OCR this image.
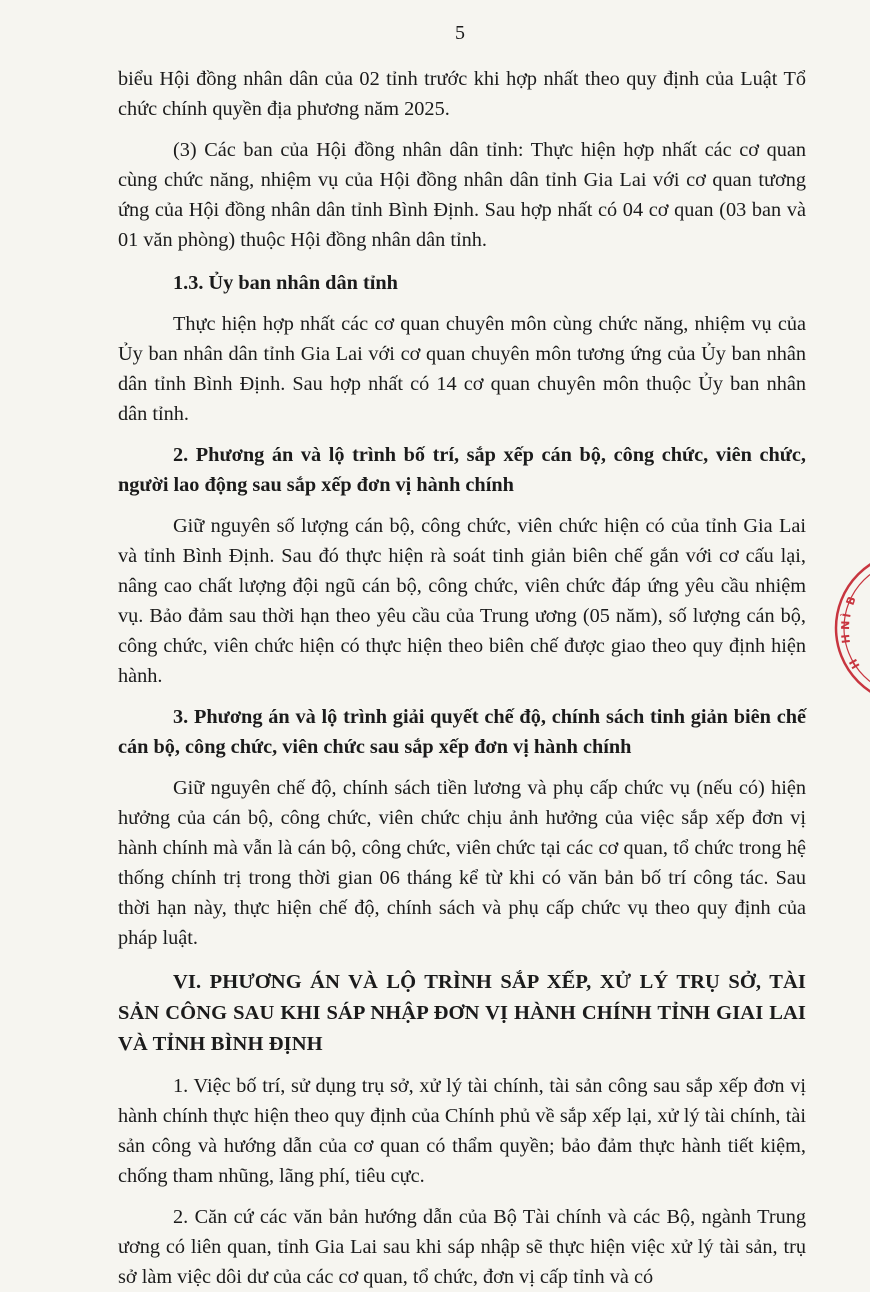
5

biểu Hội đồng nhân dân của 02 tỉnh trước khi hợp nhất theo quy định của Luật Tổ chức chính quyền địa phương năm 2025.

(3) Các ban của Hội đồng nhân dân tỉnh: Thực hiện hợp nhất các cơ quan cùng chức năng, nhiệm vụ của Hội đồng nhân dân tỉnh Gia Lai với cơ quan tương ứng của Hội đồng nhân dân tỉnh Bình Định. Sau hợp nhất có 04 cơ quan (03 ban và 01 văn phòng) thuộc Hội đồng nhân dân tỉnh.

1.3. Ủy ban nhân dân tỉnh

Thực hiện hợp nhất các cơ quan chuyên môn cùng chức năng, nhiệm vụ của Ủy ban nhân dân tỉnh Gia Lai với cơ quan chuyên môn tương ứng của Ủy ban nhân dân tỉnh Bình Định. Sau hợp nhất có 14 cơ quan chuyên môn thuộc Ủy ban nhân dân tỉnh.

2. Phương án và lộ trình bố trí, sắp xếp cán bộ, công chức, viên chức, người lao động sau sắp xếp đơn vị hành chính

Giữ nguyên số lượng cán bộ, công chức, viên chức hiện có của tỉnh Gia Lai và tỉnh Bình Định. Sau đó thực hiện rà soát tinh giản biên chế gắn với cơ cấu lại, nâng cao chất lượng đội ngũ cán bộ, công chức, viên chức đáp ứng yêu cầu nhiệm vụ. Bảo đảm sau thời hạn theo yêu cầu của Trung ương (05 năm), số lượng cán bộ, công chức, viên chức hiện có thực hiện theo biên chế được giao theo quy định hiện hành.

3. Phương án và lộ trình giải quyết chế độ, chính sách tinh giản biên chế cán bộ, công chức, viên chức sau sắp xếp đơn vị hành chính

Giữ nguyên chế độ, chính sách tiền lương và phụ cấp chức vụ (nếu có) hiện hưởng của cán bộ, công chức, viên chức chịu ảnh hưởng của việc sắp xếp đơn vị hành chính mà vẫn là cán bộ, công chức, viên chức tại các cơ quan, tổ chức trong hệ thống chính trị trong thời gian 06 tháng kể từ khi có văn bản bố trí công tác. Sau thời hạn này, thực hiện chế độ, chính sách và phụ cấp chức vụ theo quy định của pháp luật.

VI. PHƯƠNG ÁN VÀ LỘ TRÌNH SẮP XẾP, XỬ LÝ TRỤ SỞ, TÀI SẢN CÔNG SAU KHI SÁP NHẬP ĐƠN VỊ HÀNH CHÍNH TỈNH GIAI LAI VÀ TỈNH BÌNH ĐỊNH

1. Việc bố trí, sử dụng trụ sở, xử lý tài chính, tài sản công sau sắp xếp đơn vị hành chính thực hiện theo quy định của Chính phủ về sắp xếp lại, xử lý tài chính, tài sản công và hướng dẫn của cơ quan có thẩm quyền; bảo đảm thực hành tiết kiệm, chống tham nhũng, lãng phí, tiêu cực.

2. Căn cứ các văn bản hướng dẫn của Bộ Tài chính và các Bộ, ngành Trung ương có liên quan, tỉnh Gia Lai sau khi sáp nhập sẽ thực hiện việc xử lý tài sản, trụ sở làm việc dôi dư của các cơ quan, tổ chức, đơn vị cấp tỉnh và có

B
Ì
N
H
H
